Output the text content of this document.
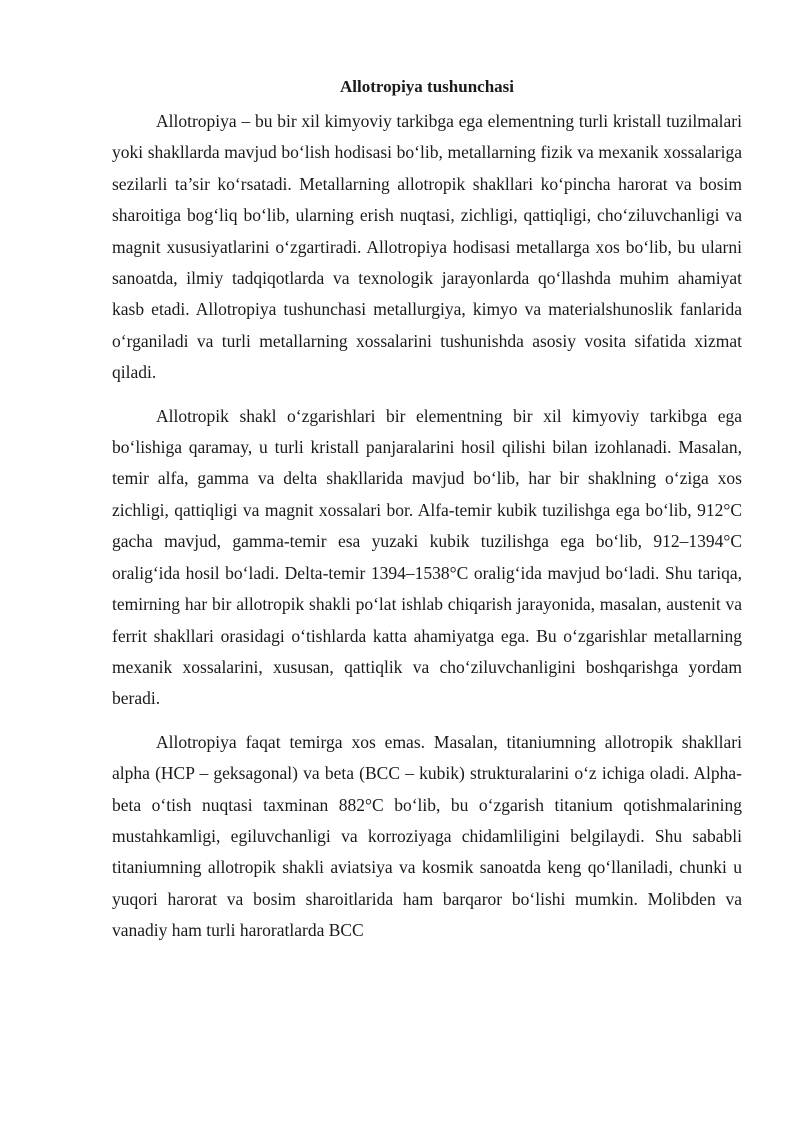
Allotropiya tushunchasi

Allotropiya – bu bir xil kimyoviy tarkibga ega elementning turli kristall tuzilmalari yoki shakllarda mavjud bo‘lish hodisasi bo‘lib, metallarning fizik va mexanik xossalariga sezilarli ta’sir ko‘rsatadi. Metallarning allotropik shakllari ko‘pincha harorat va bosim sharoitiga bog‘liq bo‘lib, ularning erish nuqtasi, zichligi, qattiqligi, cho‘ziluvchanligi va magnit xususiyatlarini o‘zgartiradi. Allotropiya hodisasi metallarga xos bo‘lib, bu ularni sanoatda, ilmiy tadqiqotlarda va texnologik jarayonlarda qo‘llashda muhim ahamiyat kasb etadi. Allotropiya tushunchasi metallurgiya, kimyo va materialshunoslik fanlarida o‘rganiladi va turli metallarning xossalarini tushunishda asosiy vosita sifatida xizmat qiladi.

Allotropik shakl o‘zgarishlari bir elementning bir xil kimyoviy tarkibga ega bo‘lishiga qaramay, u turli kristall panjaralarini hosil qilishi bilan izohlanadi. Masalan, temir alfa, gamma va delta shakllarida mavjud bo‘lib, har bir shaklning o‘ziga xos zichligi, qattiqligi va magnit xossalari bor. Alfa-temir kubik tuzilishga ega bo‘lib, 912°C gacha mavjud, gamma-temir esa yuzaki kubik tuzilishga ega bo‘lib, 912–1394°C oralig‘ida hosil bo‘ladi. Delta-temir 1394–1538°C oralig‘ida mavjud bo‘ladi. Shu tariqa, temirning har bir allotropik shakli po‘lat ishlab chiqarish jarayonida, masalan, austenit va ferrit shakllari orasidagi o‘tishlarda katta ahamiyatga ega. Bu o‘zgarishlar metallarning mexanik xossalarini, xususan, qattiqlik va cho‘ziluvchanligini boshqarishga yordam beradi.

Allotropiya faqat temirga xos emas. Masalan, titaniumning allotropik shakllari alpha (HCP – geksagonal) va beta (BCC – kubik) strukturalarini o‘z ichiga oladi. Alpha-beta o‘tish nuqtasi taxminan 882°C bo‘lib, bu o‘zgarish titanium qotishmalarining mustahkamligi, egiluvchanligi va korroziyaga chidamliligini belgilaydi. Shu sababli titaniumning allotropik shakli aviatsiya va kosmik sanoatda keng qo‘llaniladi, chunki u yuqori harorat va bosim sharoitlarida ham barqaror bo‘lishi mumkin. Molibden va vanadiy ham turli haroratlarda BCC
